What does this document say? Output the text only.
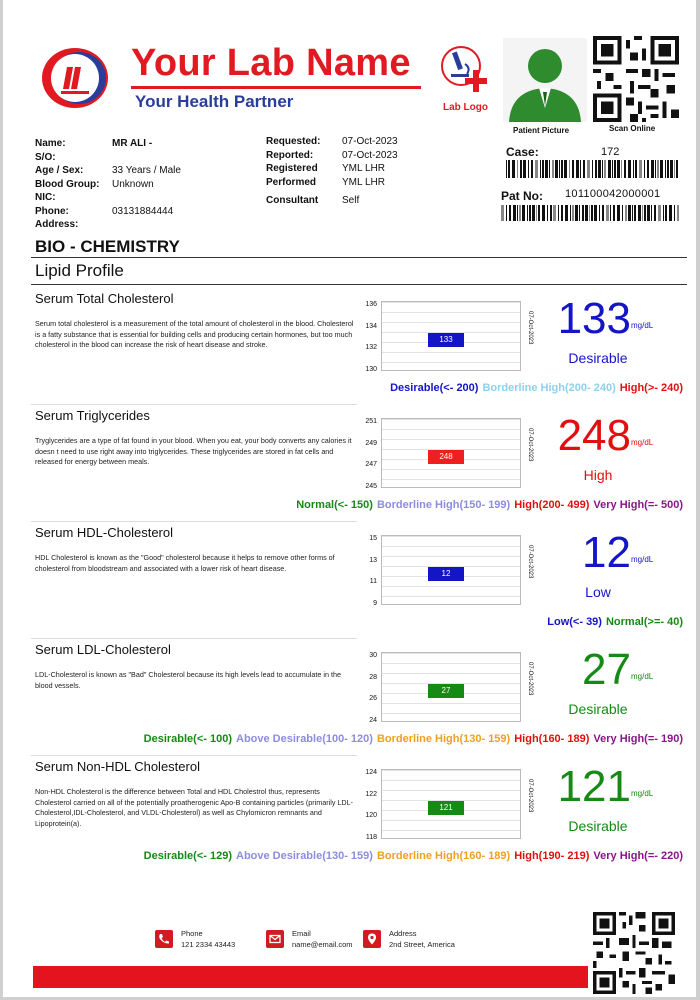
Your Lab Name
Your Health Partner	Lab Logo
Patient Picture	Scan Online
Name:	MR ALI -
S/O:
Age / Sex:	33 Years / Male
Blood Group:	Unknown
NIC:
Phone:	03131884444
Address:
Requested:	07-Oct-2023
Reported:	07-Oct-2023
Registered	YML LHR
Performed	YML LHR
Consultant	Self
Case:	172
Pat No: 101100042000001
BIO - CHEMISTRY
Lipid Profile
Serum Total Cholesterol
Serum total cholesterol is a measurement of the total amount of cholesterol in the blood. Cholesterol is a fatty substance that is essential for building cells and producing certain hormones, but too much cholesterol in the blood can increase the risk of heart disease and stroke.
133
136
134
132
130
07-Oct-2023 133 mg/dL
Desirable
Desirable(<- 200) Borderline High(200- 240) High(>- 240)
Serum Triglycerides
Tryglycerides are a type of fat found in your blood. When you eat, your body converts any calories it doesn t need to use right away into triglycerides. These triglycerides are stored in fat cells and released for energy between meals.
248
251
249
247
245
07-Oct-2023 248 mg/dL
High
Normal(<- 150) Borderline High(150- 199) High(200- 499) Very High(=- 500)
Serum HDL-Cholesterol
HDL Cholesterol is known as the "Good" cholesterol because it helps to remove other forms of cholesterol from bloodstream and associated with a lower risk of heart disease.
12
15
13
11
9
07-Oct-2023	12 mg/dL
Low
Low(<- 39) Normal(>=- 40)
Serum LDL-Cholesterol
LDL-Cholesterol is known as "Bad" Cholesterol because its high levels lead to accumulate in the blood vessels.
27
30
28
26
24
07-Oct-2023	27 mg/dL
Desirable
Desirable(<- 100) Above Desirable(100- 120) Borderline High(130- 159) High(160- 189) Very High(=- 190)
Serum Non-HDL Cholesterol
Non-HDL Cholesterol is the difference between Total and HDL Cholestrol thus, represents Cholesterol carried on all of the potentially proatherogenic Apo-B containing particles (primarily LDL- Cholesterol,IDL-Cholesterol, and VLDL-Cholesterol) as well as Chylomicron remnants and Lipoprotein(a).
121
124
122
120
118
07-Oct-2023 121 mg/dL
Desirable
Desirable(<- 129) Above Desirable(130- 159) Borderline High(160- 189) High(190- 219) Very High(=- 220)
Phone
121 2334 43443
Email
name@email.com
Address
2nd Street, America
